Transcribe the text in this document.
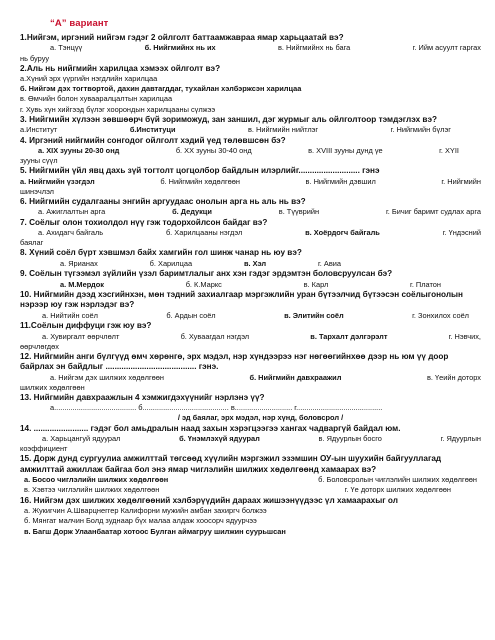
“А” вариант

1.Нийгэм, иргэний нийгэм гэдэг 2 ойлголт баттаамжавраа ямар харьцаатай вэ?

а. Тэнцүү	б. Нийгмийнх нь их	в. Нийгмийнх нь бага	г. Ийм асуулт гаргах

нь буруу

2.Аль нь нийгмийн харилцаа хэмээх ойлголт вэ?

а.Хүний эрх үүргийн нэгдлийн харилцаа
б. Нийгэм дэх тогтвортой, дахин давтагддаг, тухайлан хэлбэржсэн харилцаа
в. Өмчийн болон хувааралцалтын харилцаа
г. Хувь хүн хийгээд бүлэг хоорондын харилцааны сүлжээ

3. Нийгмийн хүлээн зөвшөөрч бүй зориможуд, зан заншил, дэг журмыг аль ойлголтоор тэмдэглэх вэ?

а.Институт	б.Институци	в. Нийгмийн нийтлэг	г. Нийгмийн бүлэг

4. Иргэний нийгмийн сонгодог ойлголт хэдий үед төлөвшсөн бэ?

а. XIX зууны 20-30 онд	б. XX зууны 30-40 онд	в. XVIII зууны дунд үе	г. XYII

зууны сүүл

5. Нийгмийн үйл явц дахь зүй тогтолт цогцолбор байдлын илэрлийг........................... гэнэ

а. Нийгмийн үзэгдэл	б. Нийгмийн хөдөлгөөн	в. Нийгмийн дэвшил	г. Нийгмийн

шинэчлэл

6. Нийгмийн судалгааны энгийн аргуудаас онолын арга нь аль нь вэ?

а. Ажиглалтын арга	б. Дедукци	в. Түүврийн	г. Бичиг баримт судлах арга

7. Соёлыг олон тохиолдол нүү гэж тодорхойлсон байдаг вэ?

а. Ахидагч байгаль	б. Харилцааны нэгдэл	в. Хоёрдогч байгаль	г. Үндэсний

баялаг

8. Хүний соёл бүрт хэвшмэл байх хамгийн гол шинж чанар нь юу вэ?

а. Ярианах	б. Харилцаа	в. Хэл	г. Авиа

9. Соёлын түгээмэл зүйлийн үзэл баримтлалыг анх хэн гэдэг эрдэмтэн боловсруулсан бэ?

а. М.Мердок	б. К.Маркс	в. Карл	г. Платон

10. Нийгмийн дээд хэсгийнхэн, мөн тэдний захиалгаар мэргэжлийн уран бүтээлчид бүтээсэн соёлыгонолын нэрээр юу гэж нэрлэдэг вэ?

а. Нийтийн соёл	б. Ардын соёл	в. Элитийн соёл	г. Зонхилох соёл

11.Соёлын диффуци гэж юу вэ?

а. Хувиргалт өөрчлөлт	б. Хуваагдал нэгдэл	в. Тархалт дэлгэрэлт	г. Нэвчих,

өөрчлөгдөх

12. Нийгмийн анги бүлгүүд өмч хөрөнгө, эрх мэдэл, нэр хүндээрээ нэг нөгөөгийнхөө дээр нь юм үү доор байрлах эн байдлыг ........................................ гэнэ.

а. Нийгэм дэх шилжих хөдөлгөөн	б. Нийгмийн давхраажил	в. Үеийн доторх

шилжих хөдөлгөөн

13. Нийгмийн давхраажлын 4 хэмжигдэхүүнийг нэрлэнэ үү?

а........................................ б.......................................... в............................ г..........................................
/ эд баялаг, эрх мэдэл, нэр хүнд, боловсрол /

14. ........................ гэдэг бол амьдралын наад захын хэрэгцээгээ хангах чадваргүй байдал юм.

а. Харьцангуй ядуурал	б. Үнэмлэхүй ядуурал	в. Ядуурлын босго	г. Ядуурлын

коэффициент

15. Дорж дунд сургуулиа амжилттай төгсөөд хүүлийн мэргэжил эзэмшин ОУ-ын шууxийн байгууллагад амжилттай ажиллаж байгаа бол энэ ямар чиглэлийн шилжих хөдөлгөөнд хамаарах вэ?

а. Босоо чиглэлийн шилжих хөдөлгөөн	б. Боловсролын чиглэлийн шилжих хөдөлгөөн
в. Хэвтээ чиглэлийн шилжих хөдөлгөөн	г. Үе доторх шилжих хөдөлгөөн

16. Нийгэм дэх шилжих хөдөлгөөний хэлбэрүүдийн дараах жишээнүүдээс үл хамаарахыг ол

а. Жукигчин А.Шварцнеггер Калифорни мужийн амбан захиргч болжээ
б. Мянгат малчин Болд зуднаар бүх малаа алдаж хоосорч ядуурчээ
в. Багш Дорж Улаанбаатар хотоос Булган аймагруу шилжин суурьшсан
